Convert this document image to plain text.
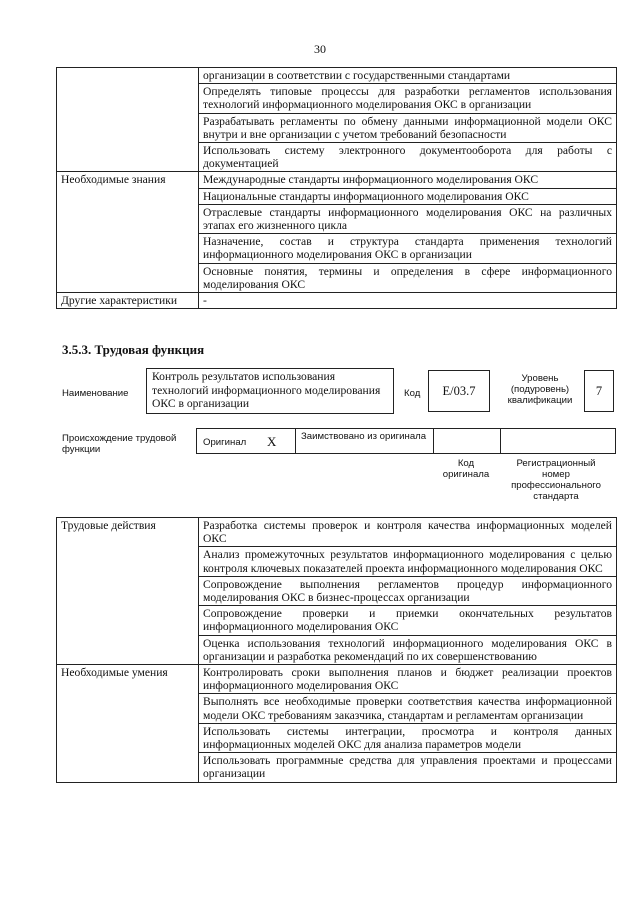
30
	организации в соответствии с государственными стандартами
	Определять типовые процессы для разработки регламентов использования технологий информационного моделирования ОКС в организации
	Разрабатывать регламенты по обмену данными информационной модели ОКС внутри и вне организации с учетом требований безопасности
	Использовать систему электронного документооборота для работы с документацией
Необходимые знания	Международные стандарты информационного моделирования ОКС
	Национальные стандарты информационного моделирования ОКС
	Отраслевые стандарты информационного моделирования ОКС на различных этапах его жизненного цикла
	Назначение, состав и структура стандарта применения технологий информационного моделирования ОКС в организации
	Основные понятия, термины и определения в сфере информационного моделирования ОКС
Другие характеристики	-
3.5.3. Трудовая функция
Наименование
Контроль результатов использования технологий информационного моделирования ОКС в организации
Код E/03.7
Уровень (подуровень) квалификации
7
Происхождение трудовой функции
Оригинал X	Заимствовано из оригинала
Код оригинала
Регистрационный номер профессионального стандарта
Трудовые действия	Разработка системы проверок и контроля качества информационных моделей ОКС
	Анализ промежуточных результатов информационного моделирования с целью контроля ключевых показателей проекта информационного моделирования ОКС
	Сопровождение выполнения регламентов процедур информационного моделирования ОКС в бизнес-процессах организации
	Сопровождение проверки и приемки окончательных результатов информационного моделирования ОКС
	Оценка использования технологий информационного моделирования ОКС в организации и разработка рекомендаций по их совершенствованию
Необходимые умения	Контролировать сроки выполнения планов и бюджет реализации проектов информационного моделирования ОКС
	Выполнять все необходимые проверки соответствия качества информационной модели ОКС требованиям заказчика, стандартам и регламентам организации
	Использовать системы интеграции, просмотра и контроля данных информационных моделей ОКС для анализа параметров модели
	Использовать программные средства для управления проектами и процессами организации
